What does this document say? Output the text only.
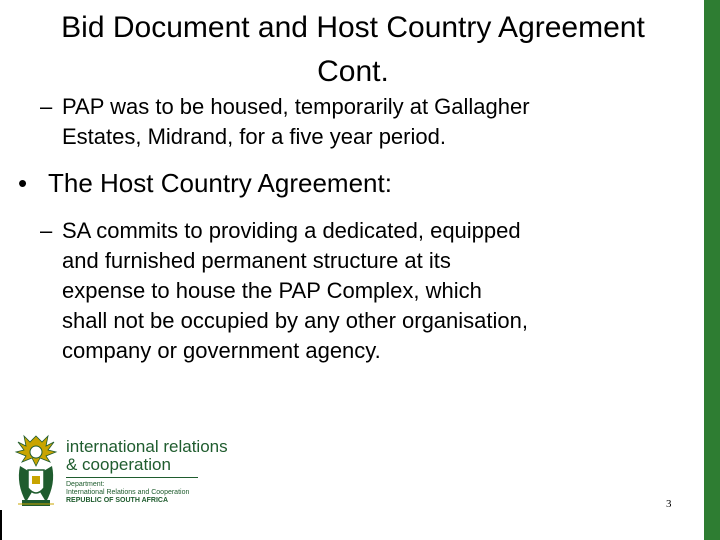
Bid Document and Host Country Agreement
Cont.
– PAP was to be housed, temporarily at Gallagher
Estates, Midrand, for a five year period.
• The Host Country Agreement:
– SA commits to providing a dedicated, equipped
and furnished permanent structure at its
expense to house the PAP Complex, which
shall not be occupied by any other organisation,
company or government agency.
international relations
& cooperation
Department:
International Relations and Cooperation
REPUBLIC OF SOUTH AFRICA	3
